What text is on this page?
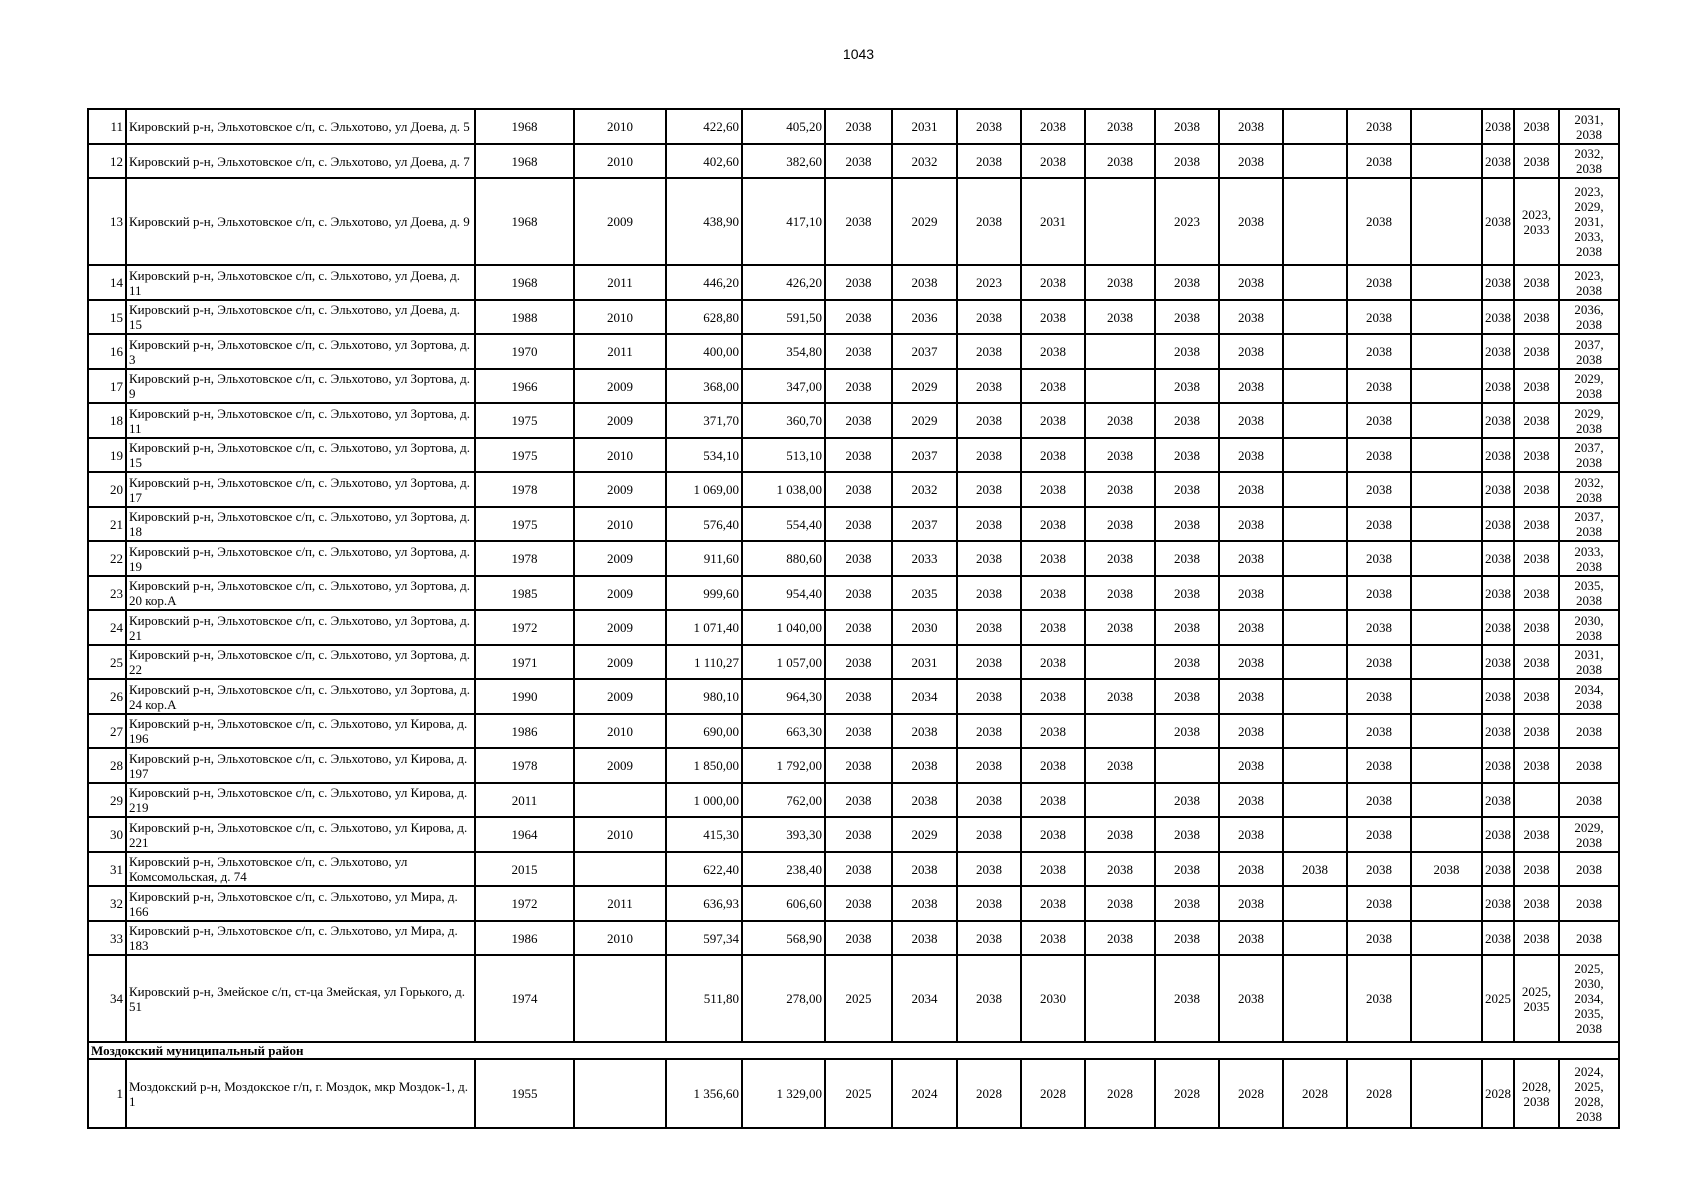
1043
11	Кировский р-н, Эльхотовское с/п, с. Эльхотово, ул Доева, д. 5	1968	2010	422,60	405,20	2038	2031	2038	2038	2038	2038	2038		2038		2038	2038	2031, 2038
12	Кировский р-н, Эльхотовское с/п, с. Эльхотово, ул Доева, д. 7	1968	2010	402,60	382,60	2038	2032	2038	2038	2038	2038	2038		2038		2038	2038	2032, 2038
13	Кировский р-н, Эльхотовское с/п, с. Эльхотово, ул Доева, д. 9	1968	2009	438,90	417,10	2038	2029	2038	2031		2023	2038		2038		2038	2023, 2033	2023, 2029, 2031, 2033, 2038
14	Кировский р-н, Эльхотовское с/п, с. Эльхотово, ул Доева, д. 11	1968	2011	446,20	426,20	2038	2038	2023	2038	2038	2038	2038		2038		2038	2038	2023, 2038
15	Кировский р-н, Эльхотовское с/п, с. Эльхотово, ул Доева, д. 15	1988	2010	628,80	591,50	2038	2036	2038	2038	2038	2038	2038		2038		2038	2038	2036, 2038
16	Кировский р-н, Эльхотовское с/п, с. Эльхотово, ул Зортова, д. 3	1970	2011	400,00	354,80	2038	2037	2038	2038		2038	2038		2038		2038	2038	2037, 2038
17	Кировский р-н, Эльхотовское с/п, с. Эльхотово, ул Зортова, д. 9	1966	2009	368,00	347,00	2038	2029	2038	2038		2038	2038		2038		2038	2038	2029, 2038
18	Кировский р-н, Эльхотовское с/п, с. Эльхотово, ул Зортова, д. 11	1975	2009	371,70	360,70	2038	2029	2038	2038	2038	2038	2038		2038		2038	2038	2029, 2038
19	Кировский р-н, Эльхотовское с/п, с. Эльхотово, ул Зортова, д. 15	1975	2010	534,10	513,10	2038	2037	2038	2038	2038	2038	2038		2038		2038	2038	2037, 2038
20	Кировский р-н, Эльхотовское с/п, с. Эльхотово, ул Зортова, д. 17	1978	2009	1 069,00	1 038,00	2038	2032	2038	2038	2038	2038	2038		2038		2038	2038	2032, 2038
21	Кировский р-н, Эльхотовское с/п, с. Эльхотово, ул Зортова, д. 18	1975	2010	576,40	554,40	2038	2037	2038	2038	2038	2038	2038		2038		2038	2038	2037, 2038
22	Кировский р-н, Эльхотовское с/п, с. Эльхотово, ул Зортова, д. 19	1978	2009	911,60	880,60	2038	2033	2038	2038	2038	2038	2038		2038		2038	2038	2033, 2038
23	Кировский р-н, Эльхотовское с/п, с. Эльхотово, ул Зортова, д. 20 кор.А	1985	2009	999,60	954,40	2038	2035	2038	2038	2038	2038	2038		2038		2038	2038	2035, 2038
24	Кировский р-н, Эльхотовское с/п, с. Эльхотово, ул Зортова, д. 21	1972	2009	1 071,40	1 040,00	2038	2030	2038	2038	2038	2038	2038		2038		2038	2038	2030, 2038
25	Кировский р-н, Эльхотовское с/п, с. Эльхотово, ул Зортова, д. 22	1971	2009	1 110,27	1 057,00	2038	2031	2038	2038		2038	2038		2038		2038	2038	2031, 2038
26	Кировский р-н, Эльхотовское с/п, с. Эльхотово, ул Зортова, д. 24 кор.А	1990	2009	980,10	964,30	2038	2034	2038	2038	2038	2038	2038		2038		2038	2038	2034, 2038
27	Кировский р-н, Эльхотовское с/п, с. Эльхотово, ул Кирова, д. 196	1986	2010	690,00	663,30	2038	2038	2038	2038		2038	2038		2038		2038	2038	2038
28	Кировский р-н, Эльхотовское с/п, с. Эльхотово, ул Кирова, д. 197	1978	2009	1 850,00	1 792,00	2038	2038	2038	2038	2038		2038		2038		2038	2038	2038
29	Кировский р-н, Эльхотовское с/п, с. Эльхотово, ул Кирова, д. 219	2011		1 000,00	762,00	2038	2038	2038	2038		2038	2038		2038		2038		2038
30	Кировский р-н, Эльхотовское с/п, с. Эльхотово, ул Кирова, д. 221	1964	2010	415,30	393,30	2038	2029	2038	2038	2038	2038	2038		2038		2038	2038	2029, 2038
31	Кировский р-н, Эльхотовское с/п, с. Эльхотово, ул Комсомольская, д. 74	2015		622,40	238,40	2038	2038	2038	2038	2038	2038	2038	2038	2038	2038	2038	2038	2038
32	Кировский р-н, Эльхотовское с/п, с. Эльхотово, ул Мира, д. 166	1972	2011	636,93	606,60	2038	2038	2038	2038	2038	2038	2038		2038		2038	2038	2038
33	Кировский р-н, Эльхотовское с/п, с. Эльхотово, ул Мира, д. 183	1986	2010	597,34	568,90	2038	2038	2038	2038	2038	2038	2038		2038		2038	2038	2038
34	Кировский р-н, Змейское с/п, ст-ца Змейская, ул Горького, д. 51	1974		511,80	278,00	2025	2034	2038	2030		2038	2038		2038		2025	2025, 2035	2025, 2030, 2034, 2035, 2038
Моздокский муниципальный район																		
1	Моздокский р-н, Моздокское г/п, г. Моздок, мкр Моздок-1, д. 1	1955		1 356,60	1 329,00	2025	2024	2028	2028	2028	2028	2028	2028	2028		2028	2028, 2038	2024, 2025, 2028, 2038
